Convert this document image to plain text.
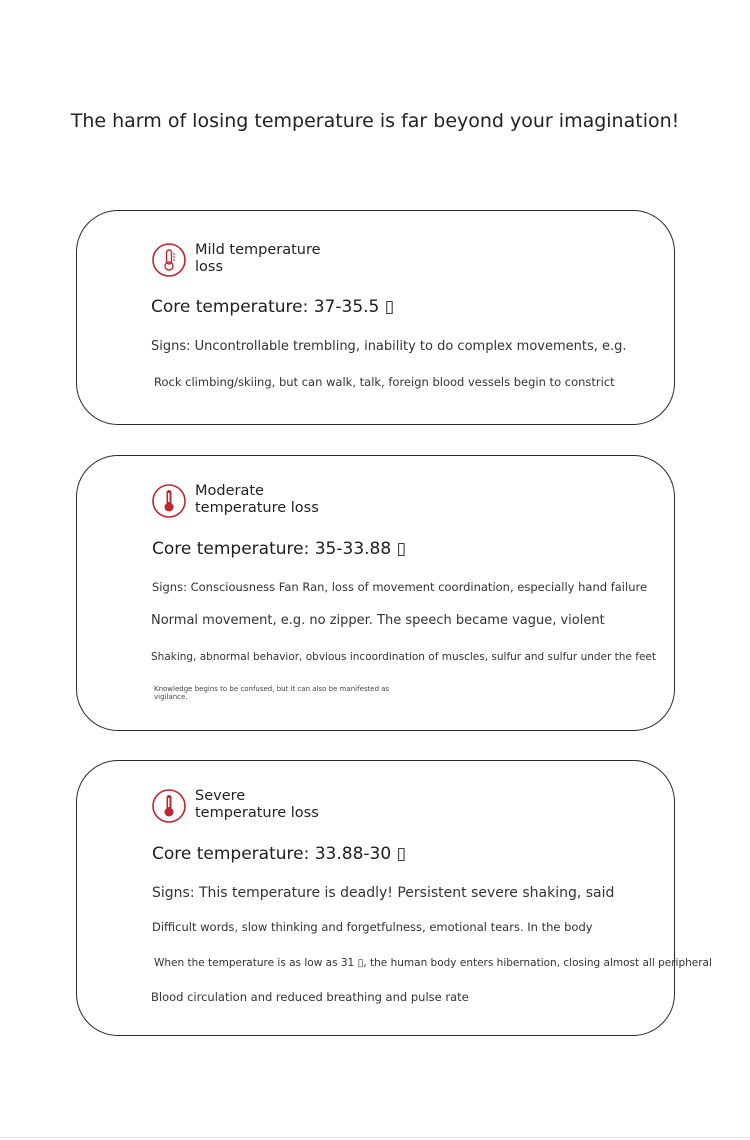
The harm of losing temperature is far beyond your imagination!
Mild temperature loss
Core temperature: 37-35.5 ▯
Signs: Uncontrollable trembling, inability to do complex movements, e.g.
Rock climbing/skiing, but can walk, talk, foreign blood vessels begin to constrict
Moderate temperature loss
Core temperature: 35-33.88 ▯
Signs: Consciousness Fan Ran, loss of movement coordination, especially hand failure
Normal movement, e.g. no zipper. The speech became vague, violent
Shaking, abnormal behavior, obvious incoordination of muscles, sulfur and sulfur under the feet
Knowledge begins to be confused, but it can also be manifested as vigilance.
Severe temperature loss
Core temperature: 33.88-30 ▯
Signs: This temperature is deadly! Persistent severe shaking, said
Difficult words, slow thinking and forgetfulness, emotional tears. In the body
When the temperature is as low as 31 ▯, the human body enters hibernation, closing almost all peripheral
Blood circulation and reduced breathing and pulse rate
